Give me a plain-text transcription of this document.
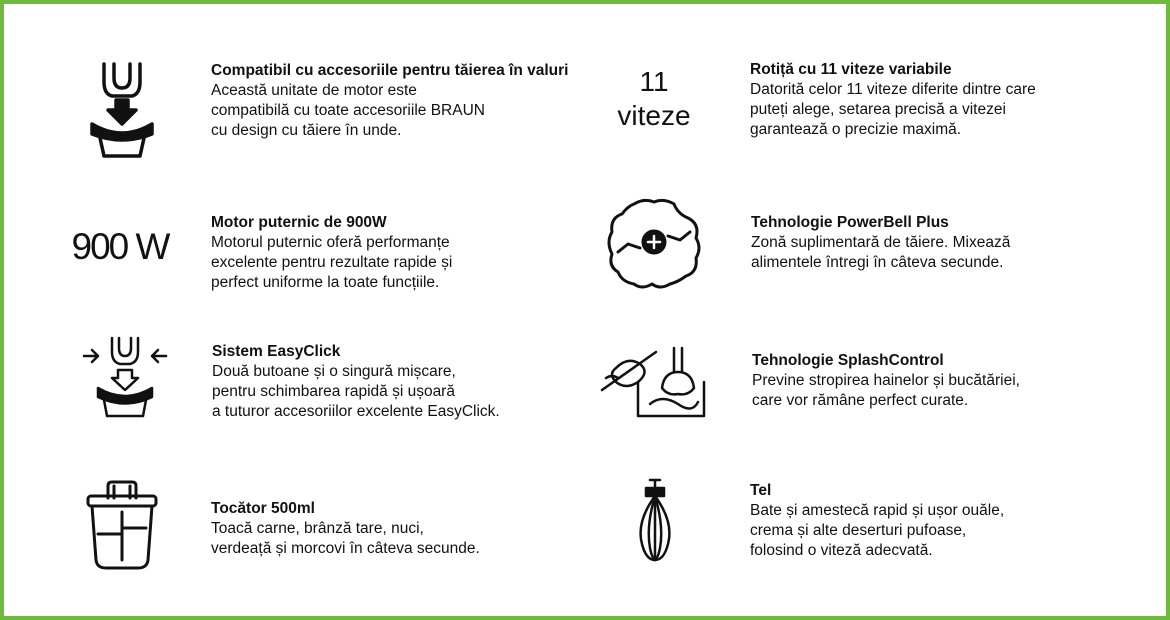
Compatibil cu accesoriile pentru tăierea în valuri
Această unitate de motor este
compatibilă cu toate accesoriile BRAUN
cu design cu tăiere în unde.
900 W
Motor puternic de 900W
Motorul puternic oferă performanțe
excelente pentru rezultate rapide și
perfect uniforme la toate funcțiile.
Sistem EasyClick
Două butoane și o singură mișcare,
pentru schimbarea rapidă și ușoară
a tuturor accesoriilor excelente EasyClick.
Tocător 500ml
Toacă carne, brânză tare, nuci,
verdeață și morcovi în câteva secunde.
11
viteze
Rotiță cu 11 viteze variabile
Datorită celor 11 viteze diferite dintre care
puteți alege, setarea precisă a vitezei
garantează o precizie maximă.
Tehnologie PowerBell Plus
Zonă suplimentară de tăiere. Mixează
alimentele întregi în câteva secunde.
Tehnologie SplashControl
Previne stropirea hainelor și bucătăriei,
care vor rămâne perfect curate.
Tel
Bate și amestecă rapid și ușor ouăle,
crema și alte deserturi pufoase,
folosind o viteză adecvată.
